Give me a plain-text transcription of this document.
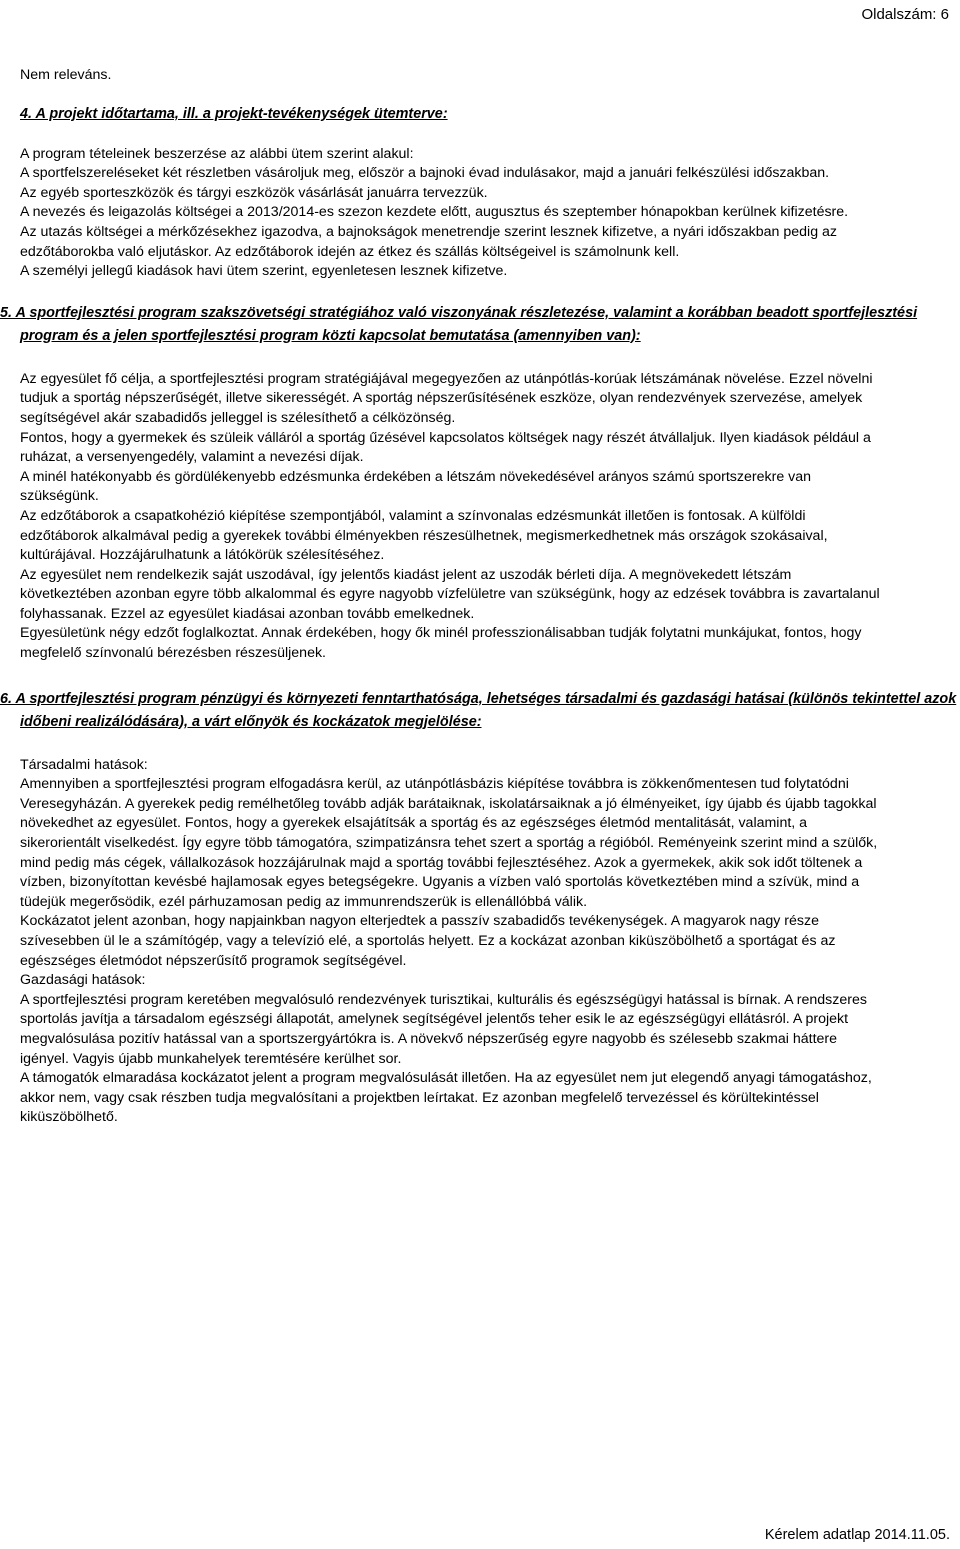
Oldalszám: 6
Nem releváns.
4. A projekt időtartama, ill. a projekt-tevékenységek ütemterve:
A program tételeinek beszerzése az alábbi ütem szerint alakul:
A sportfelszereléseket két részletben vásároljuk meg, először a bajnoki évad indulásakor, majd a januári felkészülési időszakban.
Az egyéb sporteszközök és tárgyi eszközök vásárlását januárra tervezzük.
A nevezés és leigazolás költségei a 2013/2014-es szezon kezdete előtt, augusztus és szeptember hónapokban kerülnek kifizetésre.
Az utazás költségei a mérkőzésekhez igazodva, a bajnokságok menetrendje szerint lesznek kifizetve, a nyári időszakban pedig az
edzőtáborokba való eljutáskor. Az edzőtáborok idején az étkez és szállás költségeivel is számolnunk kell.
A személyi jellegű kiadások havi ütem szerint, egyenletesen lesznek kifizetve.
5. A sportfejlesztési program szakszövetségi stratégiához való viszonyának részletezése, valamint a korábban beadott sportfejlesztési
program és a jelen sportfejlesztési program közti kapcsolat bemutatása (amennyiben van):
Az egyesület fő célja, a sportfejlesztési program stratégiájával megegyezően az utánpótlás-korúak létszámának növelése. Ezzel növelni
tudjuk a sportág népszerűségét, illetve sikerességét. A sportág népszerűsítésének eszköze, olyan rendezvények szervezése, amelyek
segítségével akár szabadidős jelleggel is szélesíthető a célközönség.
Fontos, hogy a gyermekek és szüleik válláról a sportág űzésével kapcsolatos költségek nagy részét átvállaljuk. Ilyen kiadások például a
ruházat, a versenyengedély, valamint a nevezési díjak.
A minél hatékonyabb és gördülékenyebb edzésmunka érdekében a létszám növekedésével arányos számú sportszerekre van
szükségünk.
Az edzőtáborok a csapatkohézió kiépítése szempontjából, valamint a színvonalas edzésmunkát illetően is fontosak. A külföldi
edzőtáborok alkalmával pedig a gyerekek további élményekben részesülhetnek, megismerkedhetnek más országok szokásaival,
kultúrájával. Hozzájárulhatunk a látókörük szélesítéséhez.
Az egyesület nem rendelkezik saját uszodával, így jelentős kiadást jelent az uszodák bérleti díja. A megnövekedett létszám
következtében azonban egyre több alkalommal és egyre nagyobb vízfelületre van szükségünk, hogy az edzések továbbra is zavartalanul
folyhassanak. Ezzel az egyesület kiadásai azonban tovább emelkednek.
Egyesületünk négy edzőt foglalkoztat. Annak érdekében, hogy ők minél professzionálisabban tudják folytatni munkájukat, fontos, hogy
megfelelő színvonalú bérezésben részesüljenek.
6. A sportfejlesztési program pénzügyi és környezeti fenntarthatósága, lehetséges társadalmi és gazdasági hatásai (különös tekintettel azok
időbeni realizálódására), a várt előnyök és kockázatok megjelölése:
Társadalmi hatások:
Amennyiben a sportfejlesztési program elfogadásra kerül, az utánpótlásbázis kiépítése továbbra is zökkenőmentesen tud folytatódni
Veresegyházán. A gyerekek pedig remélhetőleg tovább adják barátaiknak, iskolatársaiknak a jó élményeiket, így újabb és újabb tagokkal
növekedhet az egyesület. Fontos, hogy a gyerekek elsajátítsák a sportág és az egészséges életmód mentalitását, valamint, a
sikerorientált viselkedést. Így egyre több támogatóra, szimpatizánsra tehet szert a sportág a régióból. Reményeink szerint mind a szülők,
mind pedig más cégek, vállalkozások hozzájárulnak majd a sportág további fejlesztéséhez. Azok a gyermekek, akik sok időt töltenek a
vízben, bizonyítottan kevésbé hajlamosak egyes betegségekre. Ugyanis a vízben való sportolás következtében mind a szívük, mind a
tüdejük megerősödik, ezél párhuzamosan pedig az immunrendszerük is ellenállóbbá válik.
Kockázatot jelent azonban, hogy napjainkban nagyon elterjedtek a passzív szabadidős tevékenységek. A magyarok nagy része
szívesebben ül le a számítógép, vagy a televízió elé, a sportolás helyett. Ez a kockázat azonban kiküszöbölhető a sportágat és az
egészséges életmódot népszerűsítő programok segítségével.
Gazdasági hatások:
A sportfejlesztési program keretében megvalósuló rendezvények turisztikai, kulturális és egészségügyi hatással is bírnak. A rendszeres
sportolás javítja a társadalom egészségi állapotát, amelynek segítségével jelentős teher esik le az egészségügyi ellátásról. A projekt
megvalósulása pozitív hatással van a sportszergyártókra is. A növekvő népszerűség egyre nagyobb és szélesebb szakmai háttere
igényel. Vagyis újabb munkahelyek teremtésére kerülhet sor.
A támogatók elmaradása kockázatot jelent a program megvalósulását illetően. Ha az egyesület nem jut elegendő anyagi támogatáshoz,
akkor nem, vagy csak részben tudja megvalósítani a projektben leírtakat. Ez azonban megfelelő tervezéssel és körültekintéssel
kiküszöbölhető.
Kérelem adatlap 2014.11.05.
